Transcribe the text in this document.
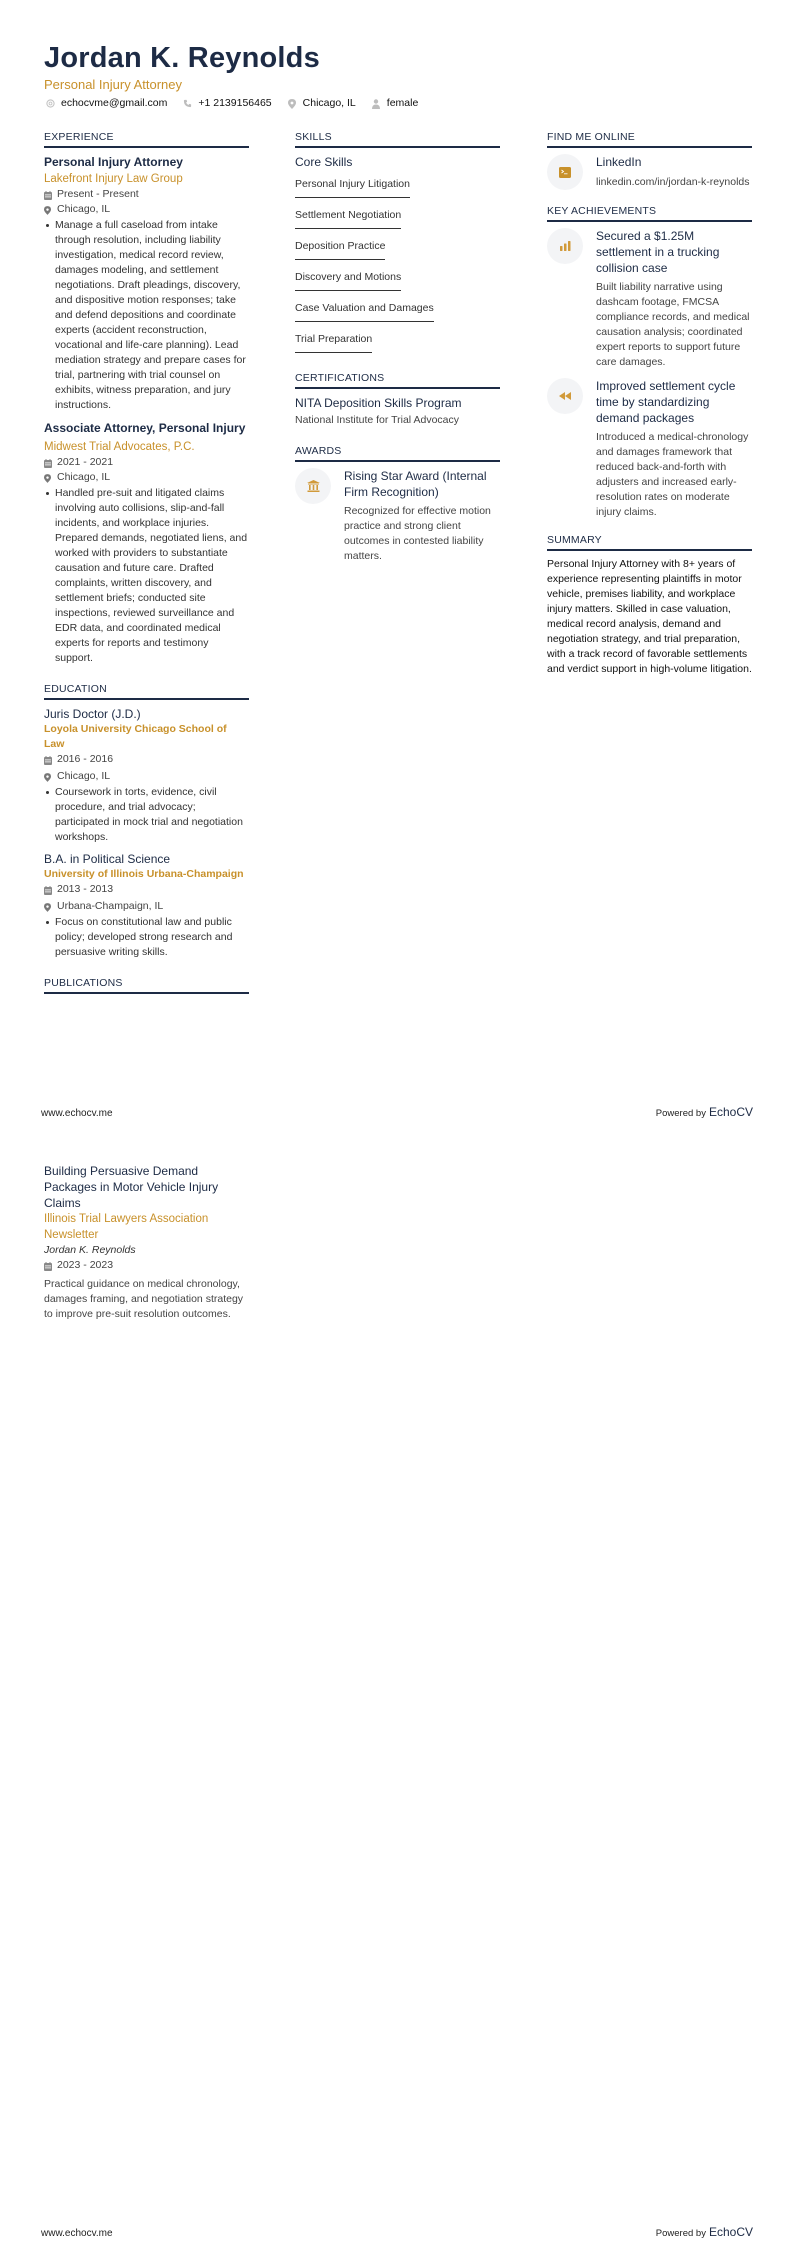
Jordan K. Reynolds
Personal Injury Attorney
echocvme@gmail.com	+1 2139156465	Chicago, IL	female
EXPERIENCE
Personal Injury Attorney
Lakefront Injury Law Group
Present - Present
Chicago, IL
Manage a full caseload from intake through resolution, including liability investigation, medical record review, damages modeling, and settlement negotiations. Draft pleadings, discovery, and dispositive motion responses; take and defend depositions and coordinate experts (accident reconstruction, vocational and life-care planning). Lead mediation strategy and prepare cases for trial, partnering with trial counsel on exhibits, witness preparation, and jury instructions.
Associate Attorney, Personal Injury
Midwest Trial Advocates, P.C.
2021 - 2021
Chicago, IL
Handled pre-suit and litigated claims involving auto collisions, slip-and-fall incidents, and workplace injuries. Prepared demands, negotiated liens, and worked with providers to substantiate causation and future care. Drafted complaints, written discovery, and settlement briefs; conducted site inspections, reviewed surveillance and EDR data, and coordinated medical experts for reports and testimony support.
EDUCATION
Juris Doctor (J.D.)
Loyola University Chicago School of Law
2016 - 2016
Chicago, IL
Coursework in torts, evidence, civil procedure, and trial advocacy; participated in mock trial and negotiation workshops.
B.A. in Political Science
University of Illinois Urbana-Champaign
2013 - 2013
Urbana-Champaign, IL
Focus on constitutional law and public policy; developed strong research and persuasive writing skills.
PUBLICATIONS
SKILLS
Core Skills
Personal Injury Litigation
Settlement Negotiation
Deposition Practice
Discovery and Motions
Case Valuation and Damages
Trial Preparation
CERTIFICATIONS
NITA Deposition Skills Program
National Institute for Trial Advocacy
AWARDS
Rising Star Award (Internal Firm Recognition)
Recognized for effective motion practice and strong client outcomes in contested liability matters.
FIND ME ONLINE
LinkedIn
linkedin.com/in/jordan-k-reynolds
KEY ACHIEVEMENTS
Secured a $1.25M settlement in a trucking collision case
Built liability narrative using dashcam footage, FMCSA compliance records, and medical causation analysis; coordinated expert reports to support future care damages.
Improved settlement cycle time by standardizing demand packages
Introduced a medical-chronology and damages framework that reduced back-and-forth with adjusters and increased early-resolution rates on moderate injury claims.
SUMMARY
Personal Injury Attorney with 8+ years of experience representing plaintiffs in motor vehicle, premises liability, and workplace injury matters. Skilled in case valuation, medical record analysis, demand and negotiation strategy, and trial preparation, with a track record of favorable settlements and verdict support in high-volume litigation.
www.echocv.me	Powered by EchoCV
Building Persuasive Demand Packages in Motor Vehicle Injury Claims
Illinois Trial Lawyers Association Newsletter
Jordan K. Reynolds
2023 - 2023
Practical guidance on medical chronology, damages framing, and negotiation strategy to improve pre-suit resolution outcomes.
www.echocv.me	Powered by EchoCV
